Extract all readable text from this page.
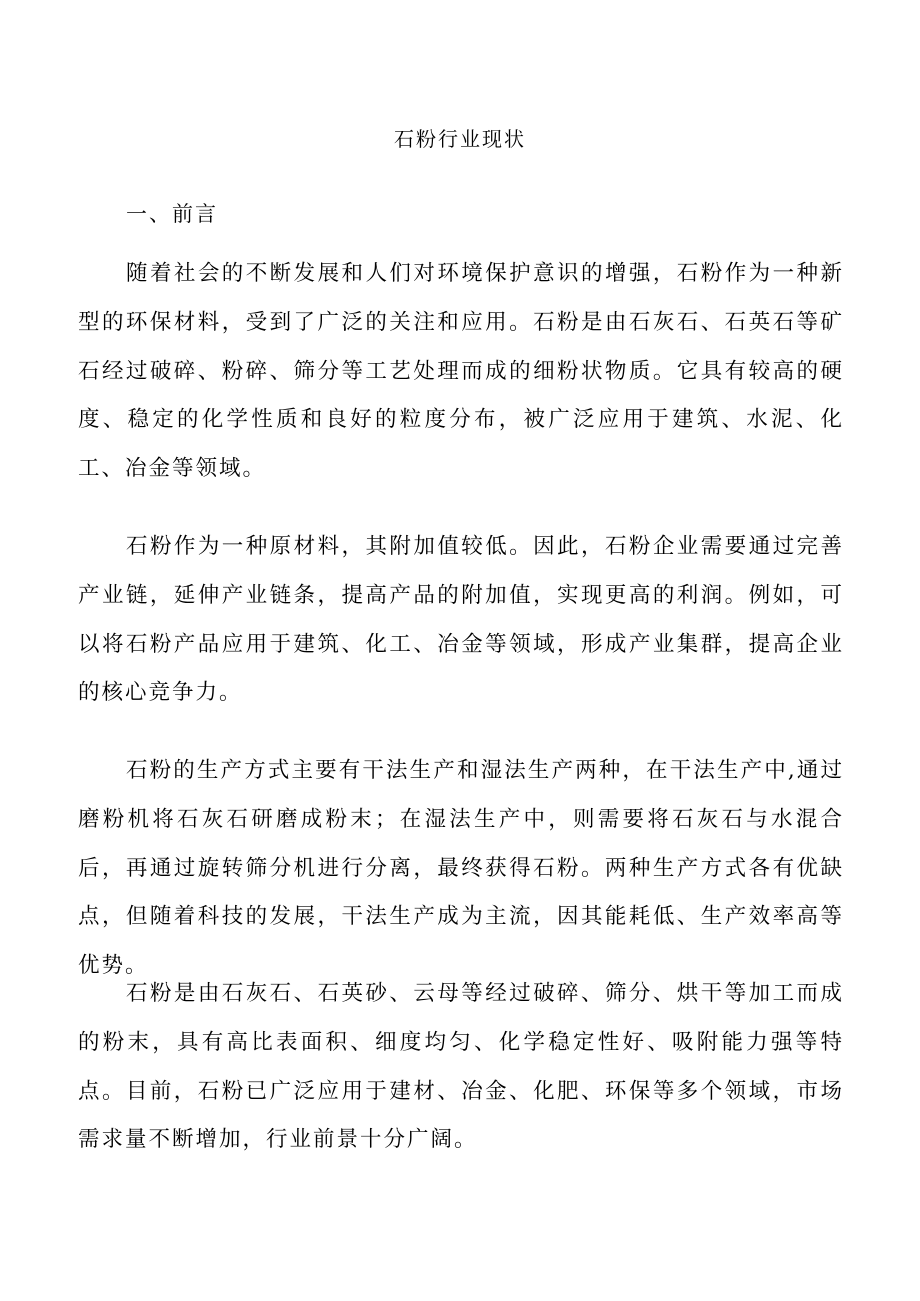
石粉行业现状
一、前言

随着社会的不断发展和人们对环境保护意识的增强，石粉作为一种新型的环保材料，受到了广泛的关注和应用。石粉是由石灰石、石英石等矿石经过破碎、粉碎、筛分等工艺处理而成的细粉状物质。它具有较高的硬度、稳定的化学性质和良好的粒度分布，被广泛应用于建筑、水泥、化工、冶金等领域。

石粉作为一种原材料，其附加值较低。因此，石粉企业需要通过完善产业链，延伸产业链条，提高产品的附加值，实现更高的利润。例如，可以将石粉产品应用于建筑、化工、冶金等领域，形成产业集群，提高企业的核心竞争力。

石粉的生产方式主要有干法生产和湿法生产两种，在干法生产中,通过磨粉机将石灰石研磨成粉末；在湿法生产中，则需要将石灰石与水混合后，再通过旋转筛分机进行分离，最终获得石粉。两种生产方式各有优缺点，但随着科技的发展，干法生产成为主流，因其能耗低、生产效率高等优势。

石粉是由石灰石、石英砂、云母等经过破碎、筛分、烘干等加工而成的粉末，具有高比表面积、细度均匀、化学稳定性好、吸附能力强等特点。目前，石粉已广泛应用于建材、冶金、化肥、环保等多个领域，市场需求量不断增加，行业前景十分广阔。
